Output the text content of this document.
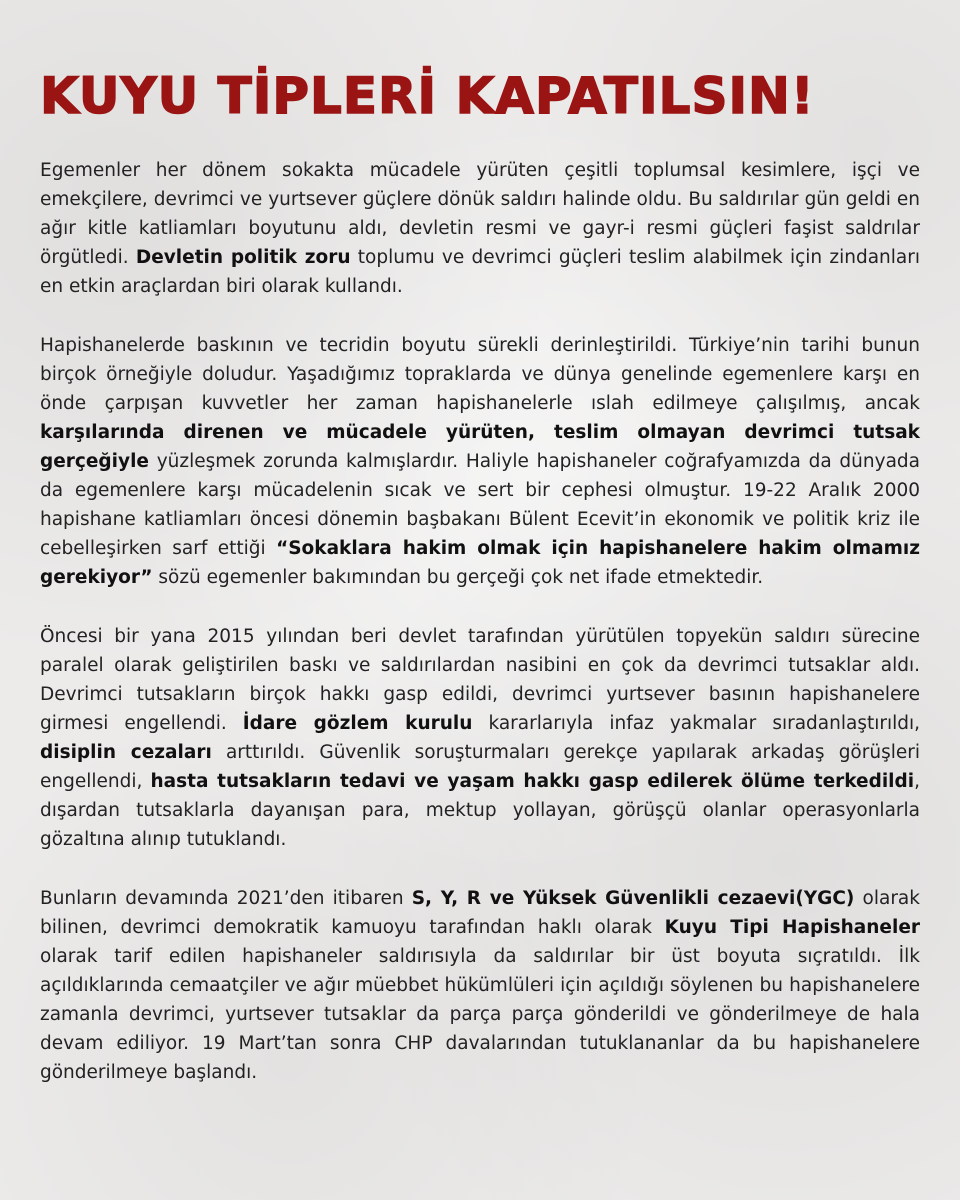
KUYU TİPLERİ KAPATILSIN!

Egemenler her dönem sokakta mücadele yürüten çeşitli toplumsal kesimlere, işçi ve emekçilere, devrimci ve yurtsever güçlere dönük saldırı halinde oldu. Bu saldırılar gün geldi en ağır kitle katliamları boyutunu aldı, devletin resmi ve gayr-i resmi güçleri faşist saldrılar örgütledi. Devletin politik zoru toplumu ve devrimci güçleri teslim alabilmek için zindanları en etkin araçlardan biri olarak kullandı.

Hapishanelerde baskının ve tecridin boyutu sürekli derinleştirildi. Türkiye’nin tarihi bunun birçok örneğiyle doludur. Yaşadığımız topraklarda ve dünya genelinde egemenlere karşı en önde çarpışan kuvvetler her zaman hapishanelerle ıslah edilmeye çalışılmış, ancak karşılarında direnen ve mücadele yürüten, teslim olmayan devrimci tutsak gerçeğiyle yüzleşmek zorunda kalmışlardır. Haliyle hapishaneler coğrafyamızda da dünyada da egemenlere karşı mücadelenin sıcak ve sert bir cephesi olmuştur. 19-22 Aralık 2000 hapishane katliamları öncesi dönemin başbakanı Bülent Ecevit’in ekonomik ve politik kriz ile cebelleşirken sarf ettiği “Sokaklara hakim olmak için hapishanelere hakim olmamız gerekiyor” sözü egemenler bakımından bu gerçeği çok net ifade etmektedir.

Öncesi bir yana 2015 yılından beri devlet tarafından yürütülen topyekün saldırı sürecine paralel olarak geliştirilen baskı ve saldırılardan nasibini en çok da devrimci tutsaklar aldı. Devrimci tutsakların birçok hakkı gasp edildi, devrimci yurtsever basının hapishanelere girmesi engellendi. İdare gözlem kurulu kararlarıyla infaz yakmalar sıradanlaştırıldı, disiplin cezaları arttırıldı. Güvenlik soruşturmaları gerekçe yapılarak arkadaş görüşleri engellendi, hasta tutsakların tedavi ve yaşam hakkı gasp edilerek ölüme terkedildi, dışardan tutsaklarla dayanışan para, mektup yollayan, görüşçü olanlar operasyonlarla gözaltına alınıp tutuklandı.

Bunların devamında 2021’den itibaren S, Y, R ve Yüksek Güvenlikli cezaevi(YGC) olarak bilinen, devrimci demokratik kamuoyu tarafından haklı olarak Kuyu Tipi Hapishaneler olarak tarif edilen hapishaneler saldırısıyla da saldırılar bir üst boyuta sıçratıldı. İlk açıldıklarında cemaatçiler ve ağır müebbet hükümlüleri için açıldığı söylenen bu hapishanelere zamanla devrimci, yurtsever tutsaklar da parça parça gönderildi ve gönderilmeye de hala devam ediliyor. 19 Mart’tan sonra CHP davalarından tutuklananlar da bu hapishanelere gönderilmeye başlandı.
